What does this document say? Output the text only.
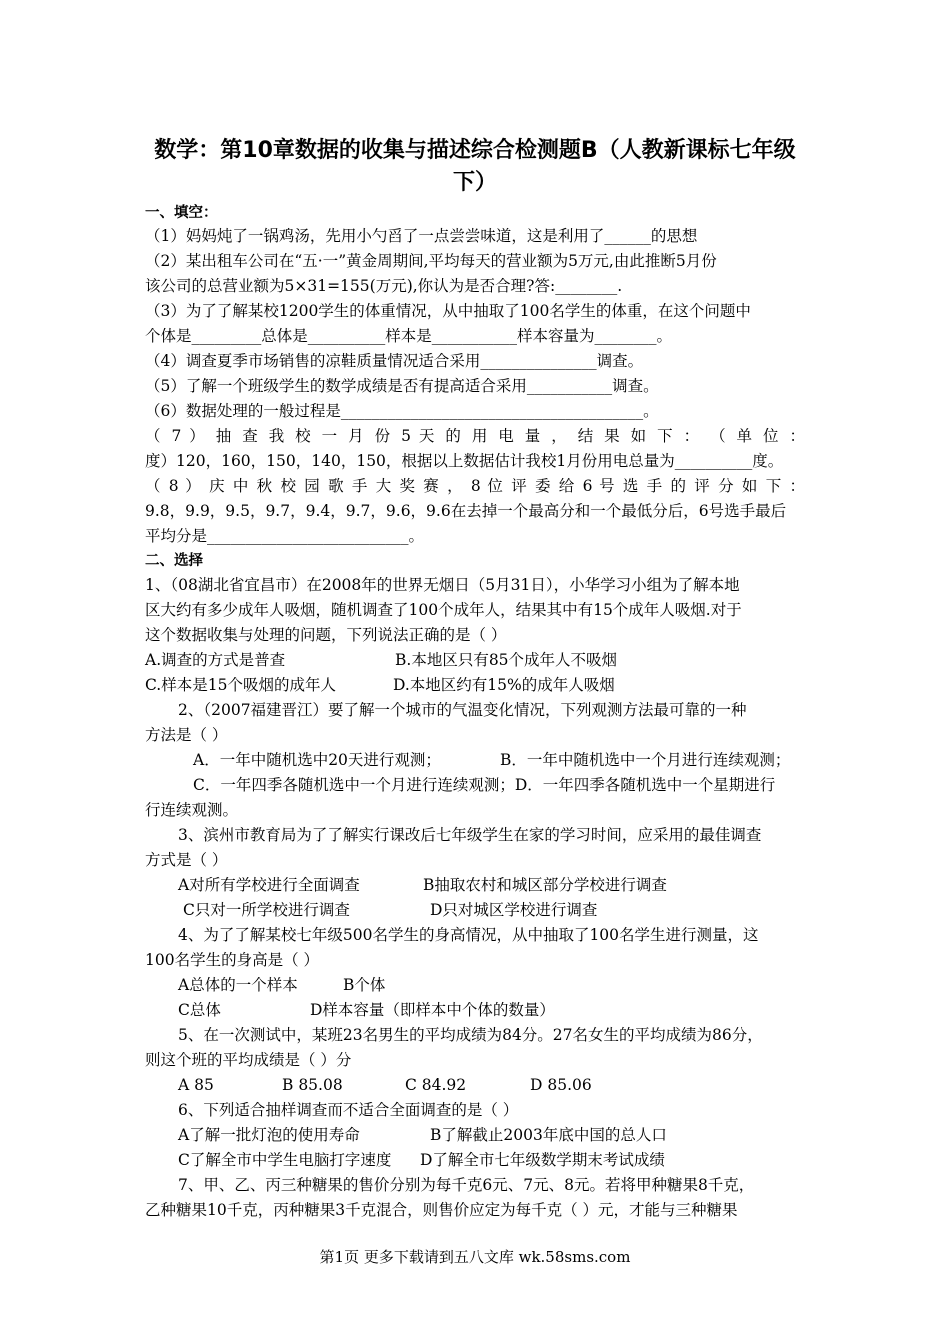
数学：第10章数据的收集与描述综合检测题B（人教新课标七年级下）
一、填空：
（1）妈妈炖了一锅鸡汤，先用小勺舀了一点尝尝味道，这是利用了______的思想
（2）某出租车公司在“五·一”黄金周期间,平均每天的营业额为5万元,由此推断5月份
该公司的总营业额为5×31=155(万元),你认为是否合理?答:________.
（3）为了了解某校1200学生的体重情况，从中抽取了100名学生的体重，在这个问题中
个体是_________总体是__________样本是___________样本容量为________。
（4）调查夏季市场销售的凉鞋质量情况适合采用_______________调查。
（5）了解一个班级学生的数学成绩是否有提高适合采用___________调查。
（6）数据处理的一般过程是_______________________________________。
（ 7 ） 抽 查 我 校 一 月 份 5 天 的 用 电 量 ， 结 果 如 下 ： （ 单 位 ：
度）120，160，150，140，150，根据以上数据估计我校1月份用电总量为__________度。
（ 8 ） 庆 中 秋 校 园 歌 手 大 奖 赛 ， 8 位 评 委 给 6 号 选 手 的 评 分 如 下 ：
9.8，9.9，9.5，9.7，9.4，9.7，9.6，9.6在去掉一个最高分和一个最低分后，6号选手最后
平均分是__________________________。
二、选择
1、（08湖北省宜昌市）在2008年的世界无烟日（5月31日），小华学习小组为了解本地
区大约有多少成年人吸烟，随机调查了100个成年人，结果其中有15个成年人吸烟.对于
这个数据收集与处理的问题，下列说法正确的是（ ）
A.调查的方式是普查	B.本地区只有85个成年人不吸烟
C.样本是15个吸烟的成年人	D.本地区约有15%的成年人吸烟
2、（2007福建晋江）要了解一个城市的气温变化情况，下列观测方法最可靠的一种
方法是（ ）
A．一年中随机选中20天进行观测；	B．一年中随机选中一个月进行连续观测；
C．一年四季各随机选中一个月进行连续观测；D．一年四季各随机选中一个星期进行
行连续观测。
3、滨州市教育局为了了解实行课改后七年级学生在家的学习时间，应采用的最佳调查
方式是（ ）
A对所有学校进行全面调查	B抽取农村和城区部分学校进行调查
C只对一所学校进行调查	D只对城区学校进行调查
4、为了了解某校七年级500名学生的身高情况，从中抽取了100名学生进行测量，这
100名学生的身高是（ ）
A总体的一个样本	B个体
C总体	D样本容量（即样本中个体的数量）
5、在一次测试中，某班23名男生的平均成绩为84分。27名女生的平均成绩为86分，
则这个班的平均成绩是（ ）分
A 85	B 85.08	C 84.92	D 85.06
6、下列适合抽样调查而不适合全面调查的是（ ）
A了解一批灯泡的使用寿命	B了解截止2003年底中国的总人口
C了解全市中学生电脑打字速度 D了解全市七年级数学期末考试成绩
7、甲、乙、丙三种糖果的售价分别为每千克6元、7元、8元。若将甲种糖果8千克，
乙种糖果10千克，丙种糖果3千克混合，则售价应定为每千克（ ）元，才能与三种糖果
第1页 更多下载请到五八文库 wk.58sms.com
